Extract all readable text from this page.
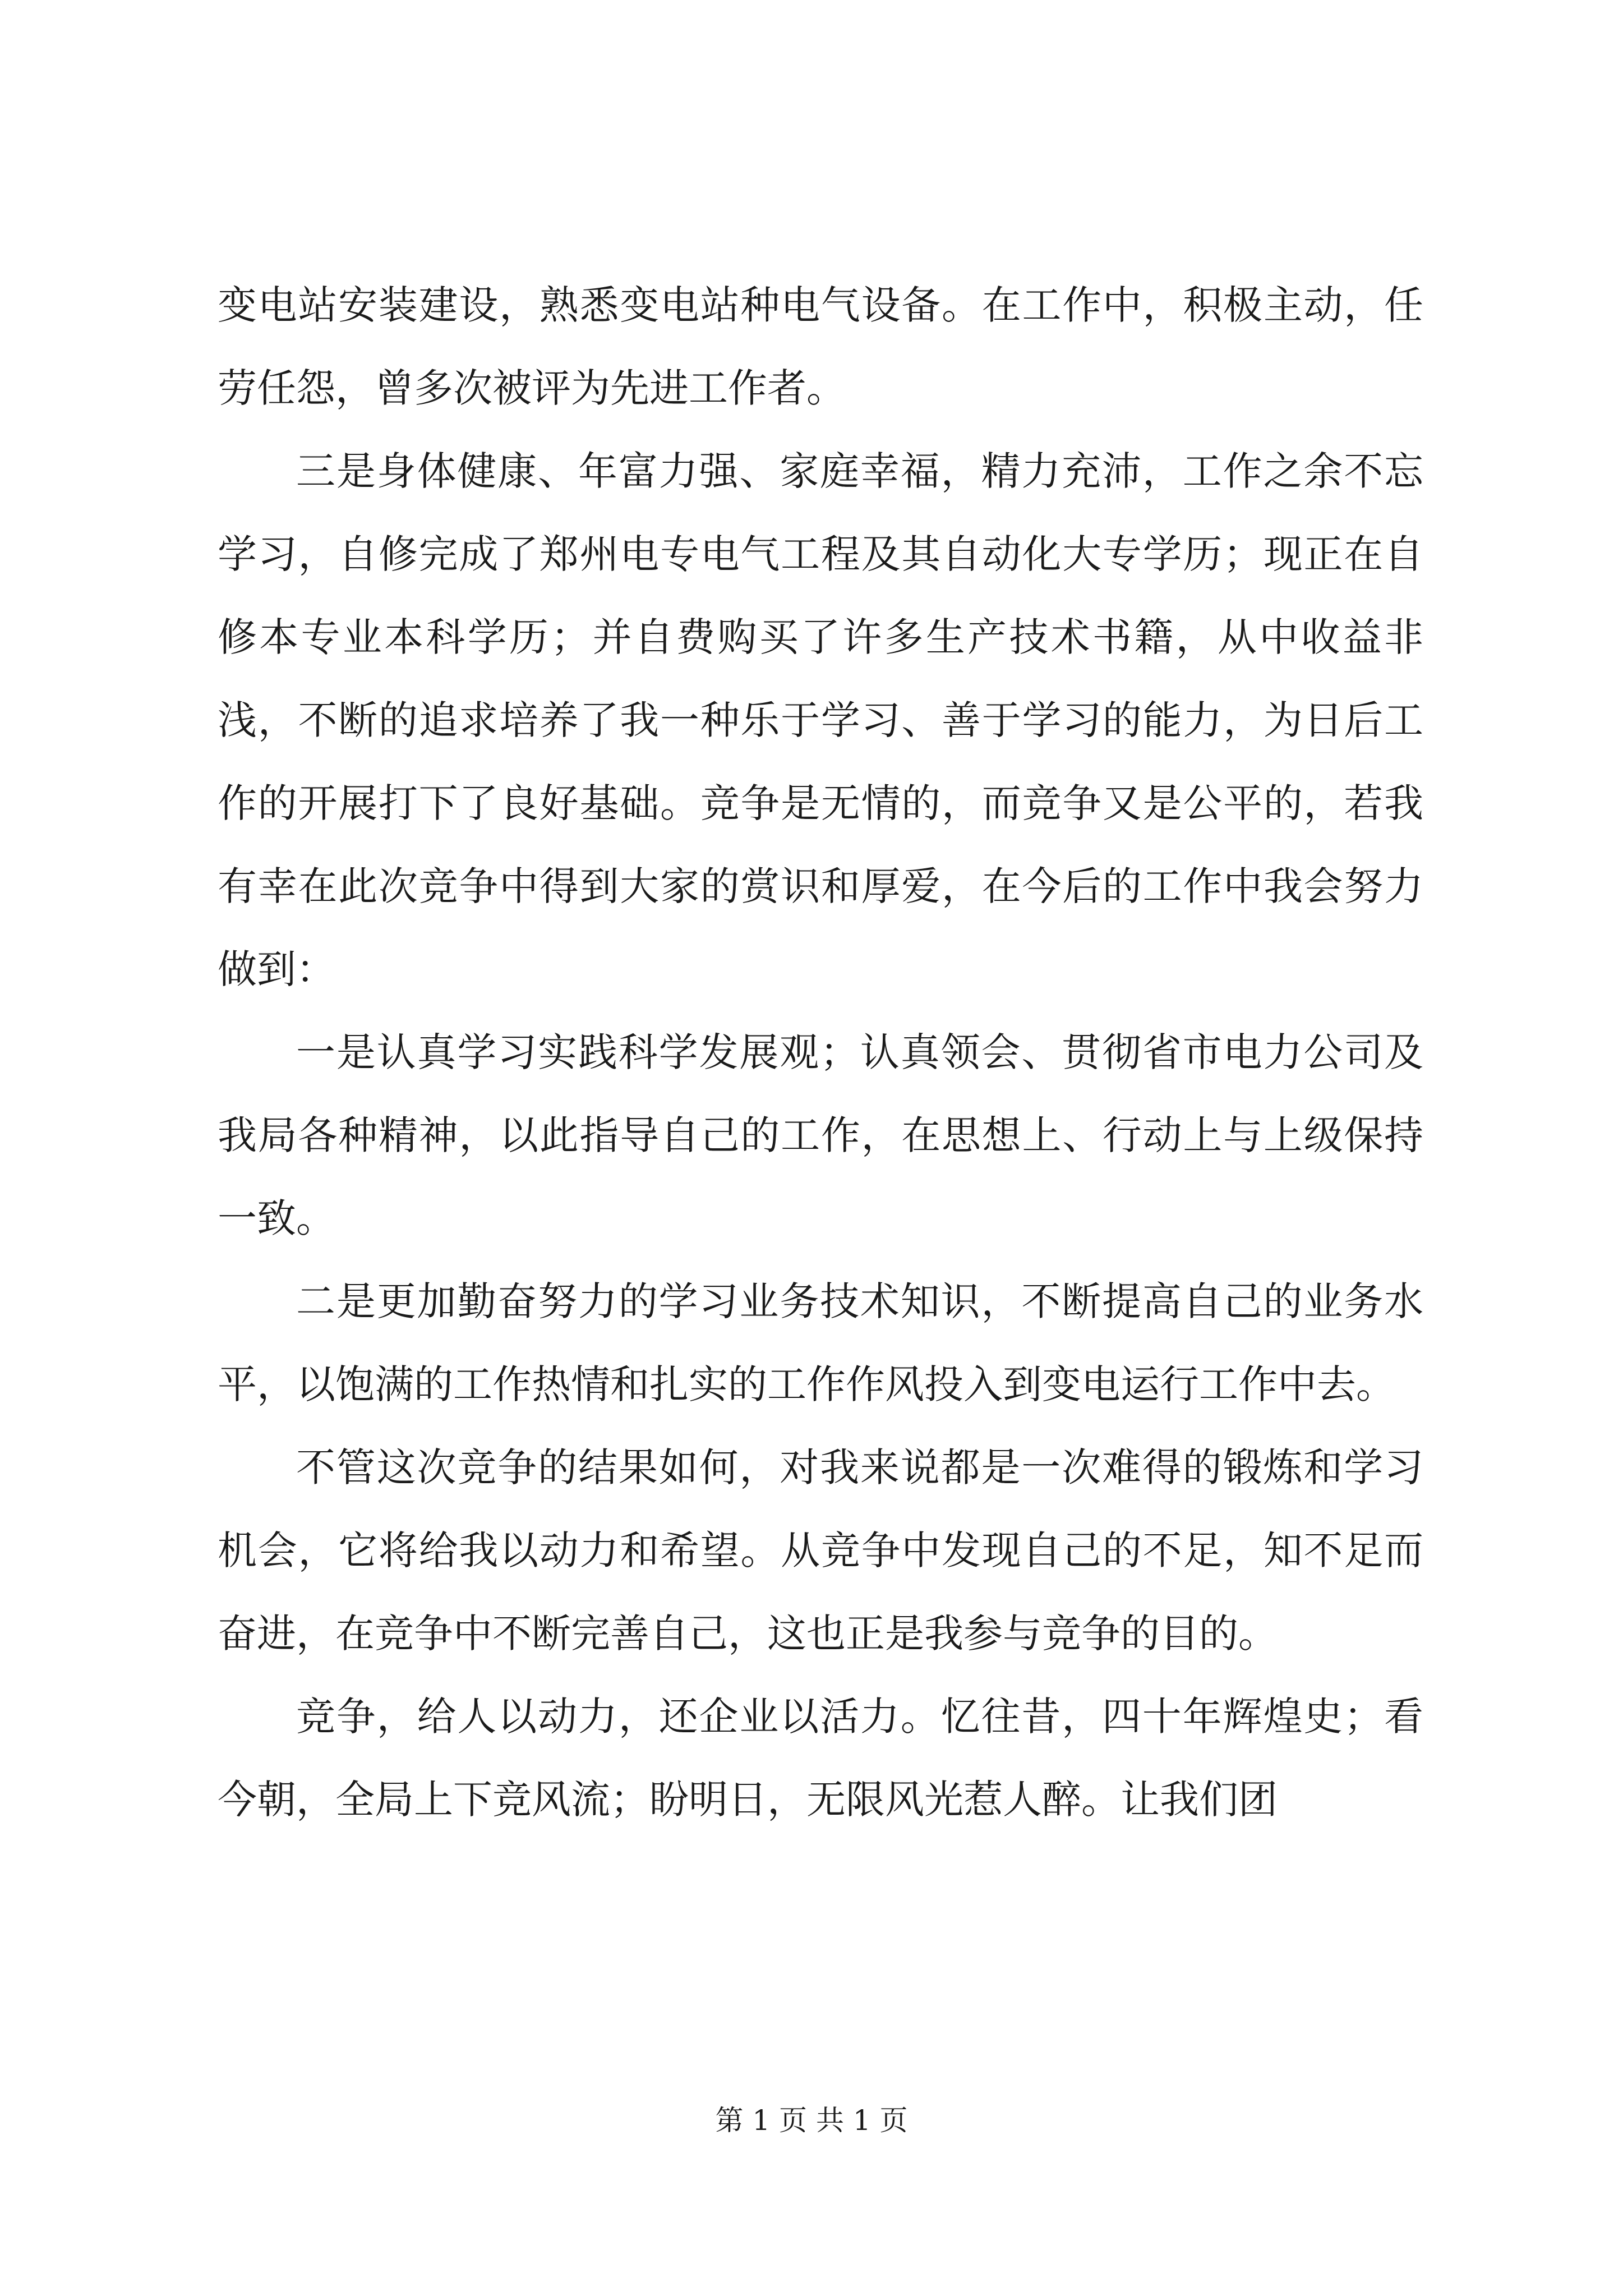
变电站安装建设，熟悉变电站种电气设备。在工作中，积极主动，任劳任怨，曾多次被评为先进工作者。

三是身体健康、年富力强、家庭幸福，精力充沛，工作之余不忘学习，自修完成了郑州电专电气工程及其自动化大专学历；现正在自修本专业本科学历；并自费购买了许多生产技术书籍，从中收益非浅，不断的追求培养了我一种乐于学习、善于学习的能力，为日后工作的开展打下了良好基础。竞争是无情的，而竞争又是公平的，若我有幸在此次竞争中得到大家的赏识和厚爱，在今后的工作中我会努力做到：

一是认真学习实践科学发展观；认真领会、贯彻省市电力公司及我局各种精神，以此指导自己的工作，在思想上、行动上与上级保持一致。

二是更加勤奋努力的学习业务技术知识，不断提高自己的业务水平，以饱满的工作热情和扎实的工作作风投入到变电运行工作中去。

不管这次竞争的结果如何，对我来说都是一次难得的锻炼和学习机会，它将给我以动力和希望。从竞争中发现自己的不足，知不足而奋进，在竞争中不断完善自己，这也正是我参与竞争的目的。

竞争，给人以动力，还企业以活力。忆往昔，四十年辉煌史；看今朝，全局上下竞风流；盼明日，无限风光惹人醉。让我们团

第 1 页 共 1 页
